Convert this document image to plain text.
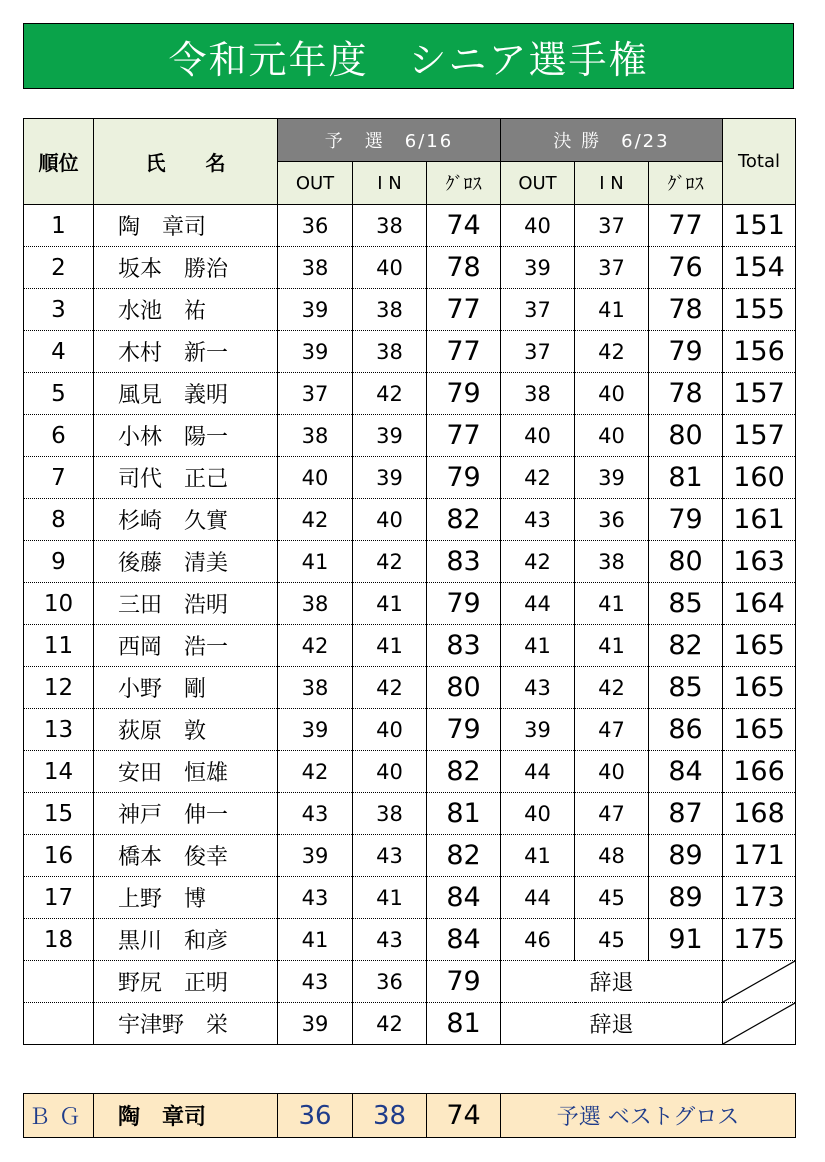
令和元年度　シニア選手権
順位	氏　　名	予　選　6/16			決 勝　6/23			Total
		OUT	I N	ｸﾞﾛｽ	OUT	I N	ｸﾞﾛｽ	
1	陶　章司	36	38	74	40	37	77	151
2	坂本　勝治	38	40	78	39	37	76	154
3	水池　祐	39	38	77	37	41	78	155
4	木村　新一	39	38	77	37	42	79	156
5	風見　義明	37	42	79	38	40	78	157
6	小林　陽一	38	39	77	40	40	80	157
7	司代　正己	40	39	79	42	39	81	160
8	杉崎　久實	42	40	82	43	36	79	161
9	後藤　清美	41	42	83	42	38	80	163
10	三田　浩明	38	41	79	44	41	85	164
11	西岡　浩一	42	41	83	41	41	82	165
12	小野　剛	38	42	80	43	42	85	165
13	荻原　敦	39	40	79	39	47	86	165
14	安田　恒雄	42	40	82	44	40	84	166
15	神戸　伸一	43	38	81	40	47	87	168
16	橋本　俊幸	39	43	82	41	48	89	171
17	上野　博	43	41	84	44	45	89	173
18	黒川　和彦	41	43	84	46	45	91	175
	野尻　正明	43	36	79	辞退	

	宇津野　栄	39	42	81	辞退	
ＢＧ	陶　章司	36	38	74	予選 ベストグロス
